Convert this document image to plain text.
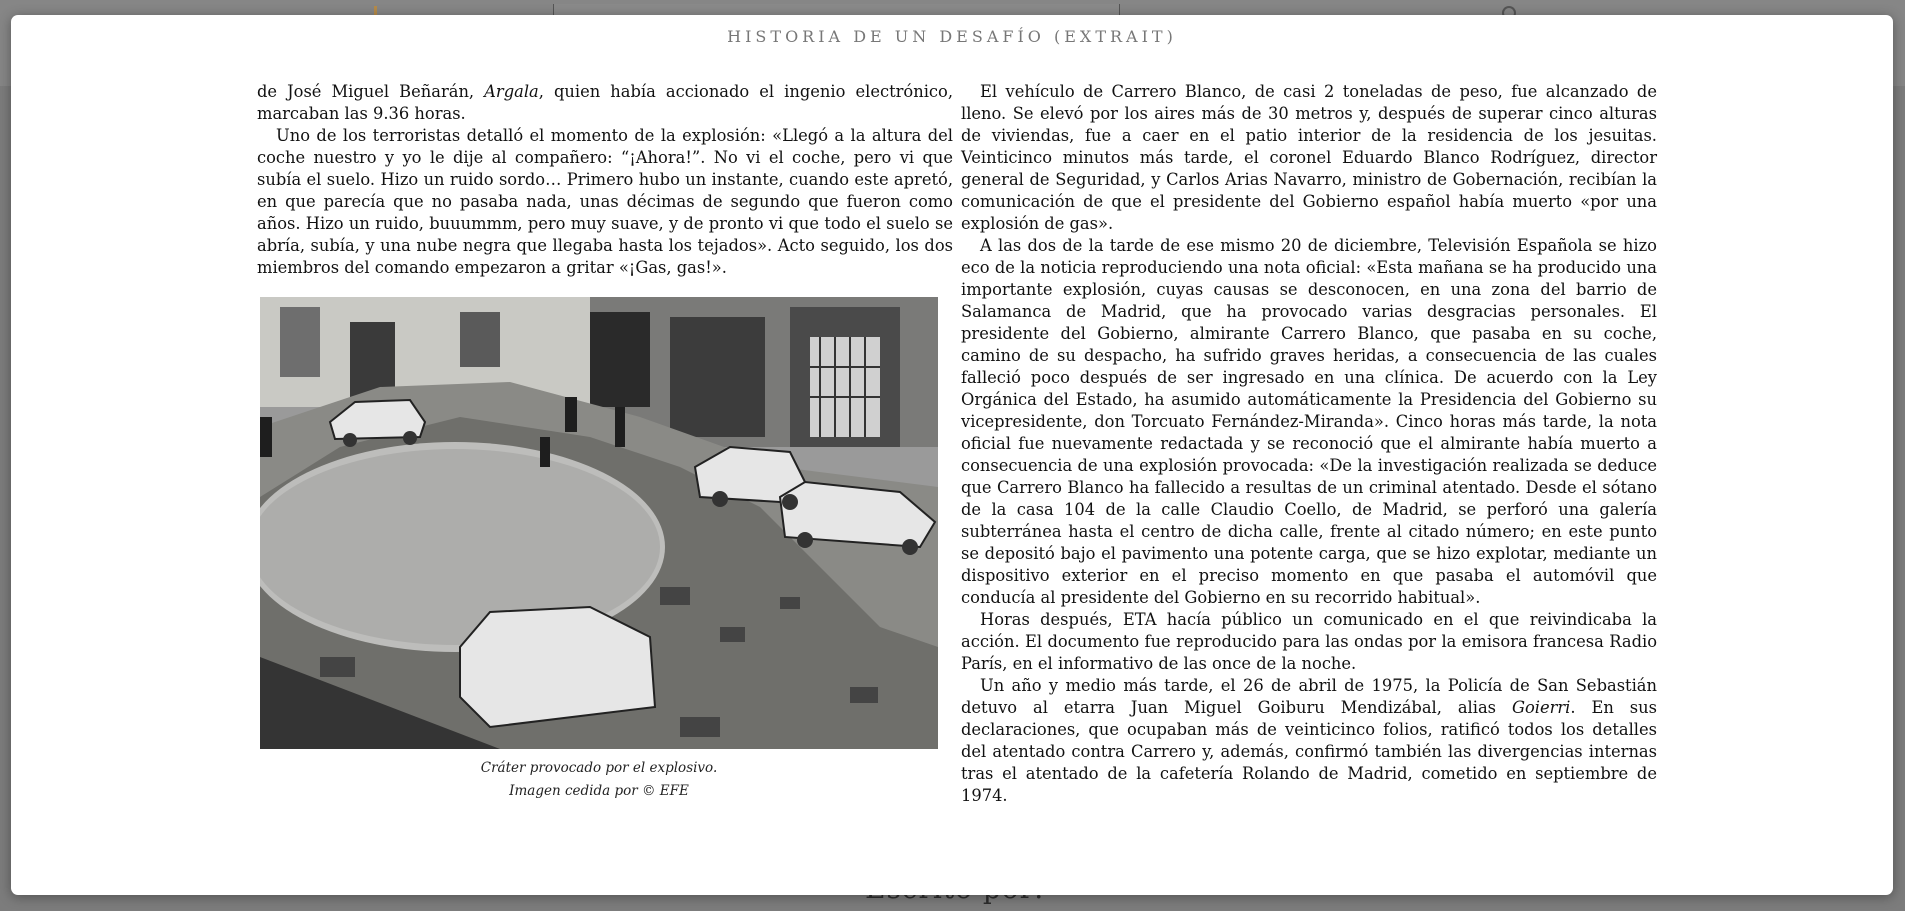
HISTORIA DE UN DESAFÍO (EXTRAIT)

de José Miguel Beñarán, Argala, quien había accionado el ingenio electrónico, marcaban las 9.36 horas.

Uno de los terroristas detalló el momento de la explosión: «Llegó a la altura del coche nuestro y yo le dije al compañero: “¡Ahora!”. No vi el coche, pero vi que subía el suelo. Hizo un ruido sordo… Primero hubo un instante, cuando este apretó, en que parecía que no pasaba nada, unas décimas de segundo que fueron como años. Hizo un ruido, buuummm, pero muy suave, y de pronto vi que todo el suelo se abría, subía, y una nube negra que llegaba hasta los tejados». Acto seguido, los dos miembros del comando empezaron a gritar «¡Gas, gas!».

Cráter provocado por el explosivo.
Imagen cedida por © EFE

El vehículo de Carrero Blanco, de casi 2 toneladas de peso, fue alcanzado de lleno. Se elevó por los aires más de 30 metros y, después de superar cinco alturas de viviendas, fue a caer en el patio interior de la residencia de los jesuitas. Veinticinco minutos más tarde, el coronel Eduardo Blanco Rodríguez, director general de Seguridad, y Carlos Arias Navarro, ministro de Gobernación, recibían la comunicación de que el presidente del Gobierno español había muerto «por una explosión de gas».

A las dos de la tarde de ese mismo 20 de diciembre, Televisión Española se hizo eco de la noticia reproduciendo una nota oficial: «Esta mañana se ha producido una importante explosión, cuyas causas se desconocen, en una zona del barrio de Salamanca de Madrid, que ha provocado varias desgracias personales. El presidente del Gobierno, almirante Carrero Blanco, que pasaba en su coche, camino de su despacho, ha sufrido graves heridas, a consecuencia de las cuales falleció poco después de ser ingresado en una clínica. De acuerdo con la Ley Orgánica del Estado, ha asumido automáticamente la Presidencia del Gobierno su vicepresidente, don Torcuato Fernández-Miranda». Cinco horas más tarde, la nota oficial fue nuevamente redactada y se reconoció que el almirante había muerto a consecuencia de una explosión provocada: «De la investigación realizada se deduce que Carrero Blanco ha fallecido a resultas de un criminal atentado. Desde el sótano de la casa 104 de la calle Claudio Coello, de Madrid, se perforó una galería subterránea hasta el centro de dicha calle, frente al citado número; en este punto se depositó bajo el pavimento una potente carga, que se hizo explotar, mediante un dispositivo exterior en el preciso momento en que pasaba el automóvil que conducía al presidente del Gobierno en su recorrido habitual».

Horas después, ETA hacía público un comunicado en el que reivindicaba la acción. El documento fue reproducido para las ondas por la emisora francesa Radio París, en el informativo de las once de la noche.

Un año y medio más tarde, el 26 de abril de 1975, la Policía de San Sebastián detuvo al etarra Juan Miguel Goiburu Mendizábal, alias Goierri. En sus declaraciones, que ocupaban más de veinticinco folios, ratificó todos los detalles del atentado contra Carrero y, además, confirmó también las divergencias internas tras el atentado de la cafetería Rolando de Madrid, cometido en septiembre de 1974.
